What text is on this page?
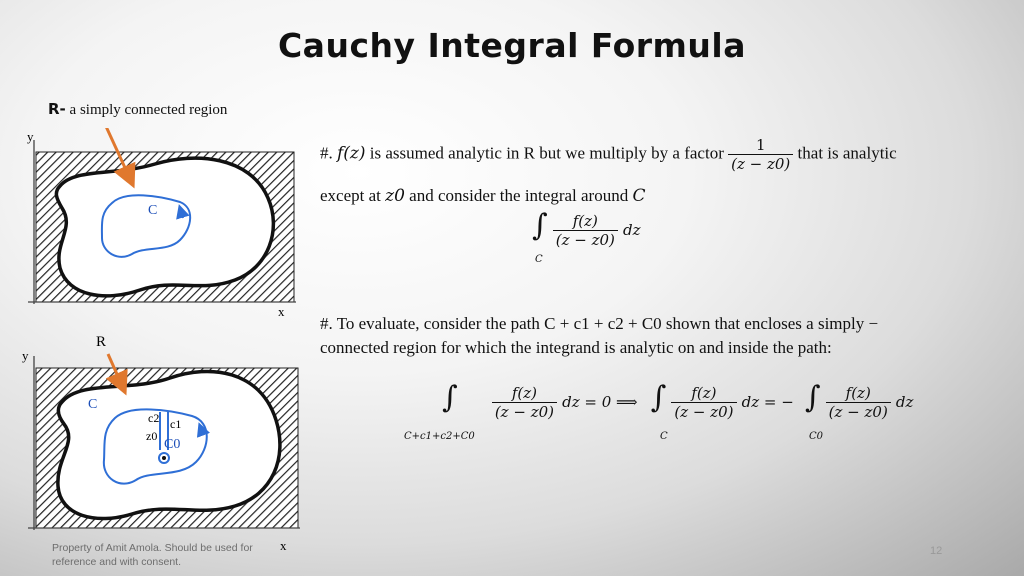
Cauchy Integral Formula
R- a simply connected region
C
y
x
C
c2 c1
z0
C0
y
x
R
#. f(z) is assumed analytic in R but we multiply by a factor $\frac{1}{(z - z0)}$ that is analytic
except at z0 and consider the integral around C
∫ $\frac{f(z)}{(z - z0)}$ dz
C
#. To evaluate, consider the path C + c1 + c2 + C0 shown that encloses a simply −
connected region for which the integrand is analytic on and inside the path:
∫ $\frac{f(z)}{(z - z0)}$ dz = 0 ⟹ ∫ $\frac{f(z)}{(z - z0)}$ dz = − ∫ $\frac{f(z)}{(z - z0)}$ dz
C+c1+c2+C0	C	C0
Property of Amit Amola. Should be used for reference and with consent.
12
